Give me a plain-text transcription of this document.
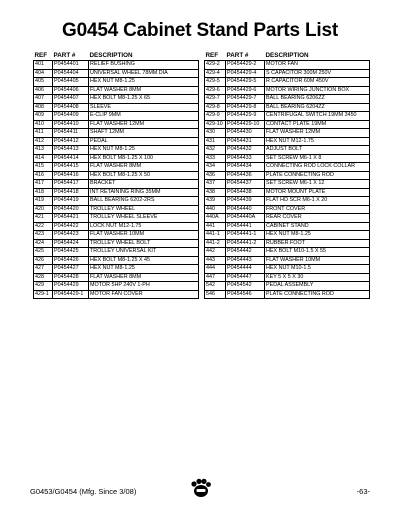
G0454 Cabinet Stand Parts List
REF	PART #	DESCRIPTION
401	P0454401	RELIEF BUSHING
404	P0454404	UNIVERSAL WHEEL 78MM DIA
405	P0454405	HEX NUT M8-1.25
406	P0454406	FLAT WASHER 8MM
407	P0454407	HEX BOLT M8-1.25 X 65
408	P0454408	SLEEVE
409	P0454409	E-CLIP 9MM
410	P0454410	FLAT WASHER 12MM
411	P0454411	SHAFT 12MM
412	P0454412	PEDAL
413	P0454413	HEX NUT M8-1.25
414	P0454414	HEX BOLT M8-1.25 X 100
415	P0454415	FLAT WASHER 8MM
416	P0454416	HEX BOLT M8-1.25 X 50
417	P0454417	BRACKET
418	P0454418	INT RETAINING RING 35MM
419	P0454419	BALL BEARING 6202-2RS
420	P0454420	TROLLEY WHEEL
421	P0454421	TROLLEY WHEEL SLEEVE
422	P0454422	LOCK NUT M12-1.75
423	P0454423	FLAT WASHER 10MM
424	P0454424	TROLLEY WHEEL BOLT
425	P0454425	TROLLEY UNIVERSAL KIT
426	P0454426	HEX BOLT M8-1.25 X 45
427	P0454427	HEX NUT M8-1.25
428	P0454428	FLAT WASHER 8MM
429	P0454429	MOTOR 5HP 240V 1-PH
429-1	P0454429-1	MOTOR FAN COVER
REF	PART #	DESCRIPTION
429-2	P0454429-2	MOTOR FAN
429-4	P0454429-4	S CAPACITOR 300M 250V
429-5	P0454429-5	R CAPACITOR 60M 450V
429-6	P0454429-6	MOTOR WIRING JUNCTION BOX
429-7	P0454429-7	BALL BEARING 6206ZZ
429-8	P0454429-8	BALL BEARING 6204ZZ
429-9	P0454429-9	CENTRIFUGAL SWITCH 19MM 3450
429-10	P0454429-10	CONTACT PLATE 19MM
430	P0454430	FLAT WASHER 12MM
431	P0454431	HEX NUT M12-1.75
432	P0454432	ADJUST BOLT
433	P0454433	SET SCREW M6-1 X 8
434	P0454434	CONNECTING ROD LOCK COLLAR
436	P0454436	PLATE CONNECTING ROD
437	P0454437	SET SCREW M6-1 X 12
438	P0454438	MOTOR MOUNT PLATE
439	P0454439	FLAT HD SCR M6-1 X 20
440	P0454440	FRONT COVER
440A	P0454440A	REAR COVER
441	P0454441	CABINET STAND
441-1	P0454441-1	HEX NUT M8-1.25
441-2	P0454441-2	RUBBER FOOT
442	P0454442	HEX BOLT M10-1.5 X 55
443	P0454443	FLAT WASHER 10MM
444	P0454444	HEX NUT M10-1.5
447	P0454447	KEY 5 X 5 X 30
542	P0454542	PEDAL ASSEMBLY
546	P0454546	PLATE CONNECTING ROD
G0453/G0454 (Mfg. Since 3/08)	-63-
